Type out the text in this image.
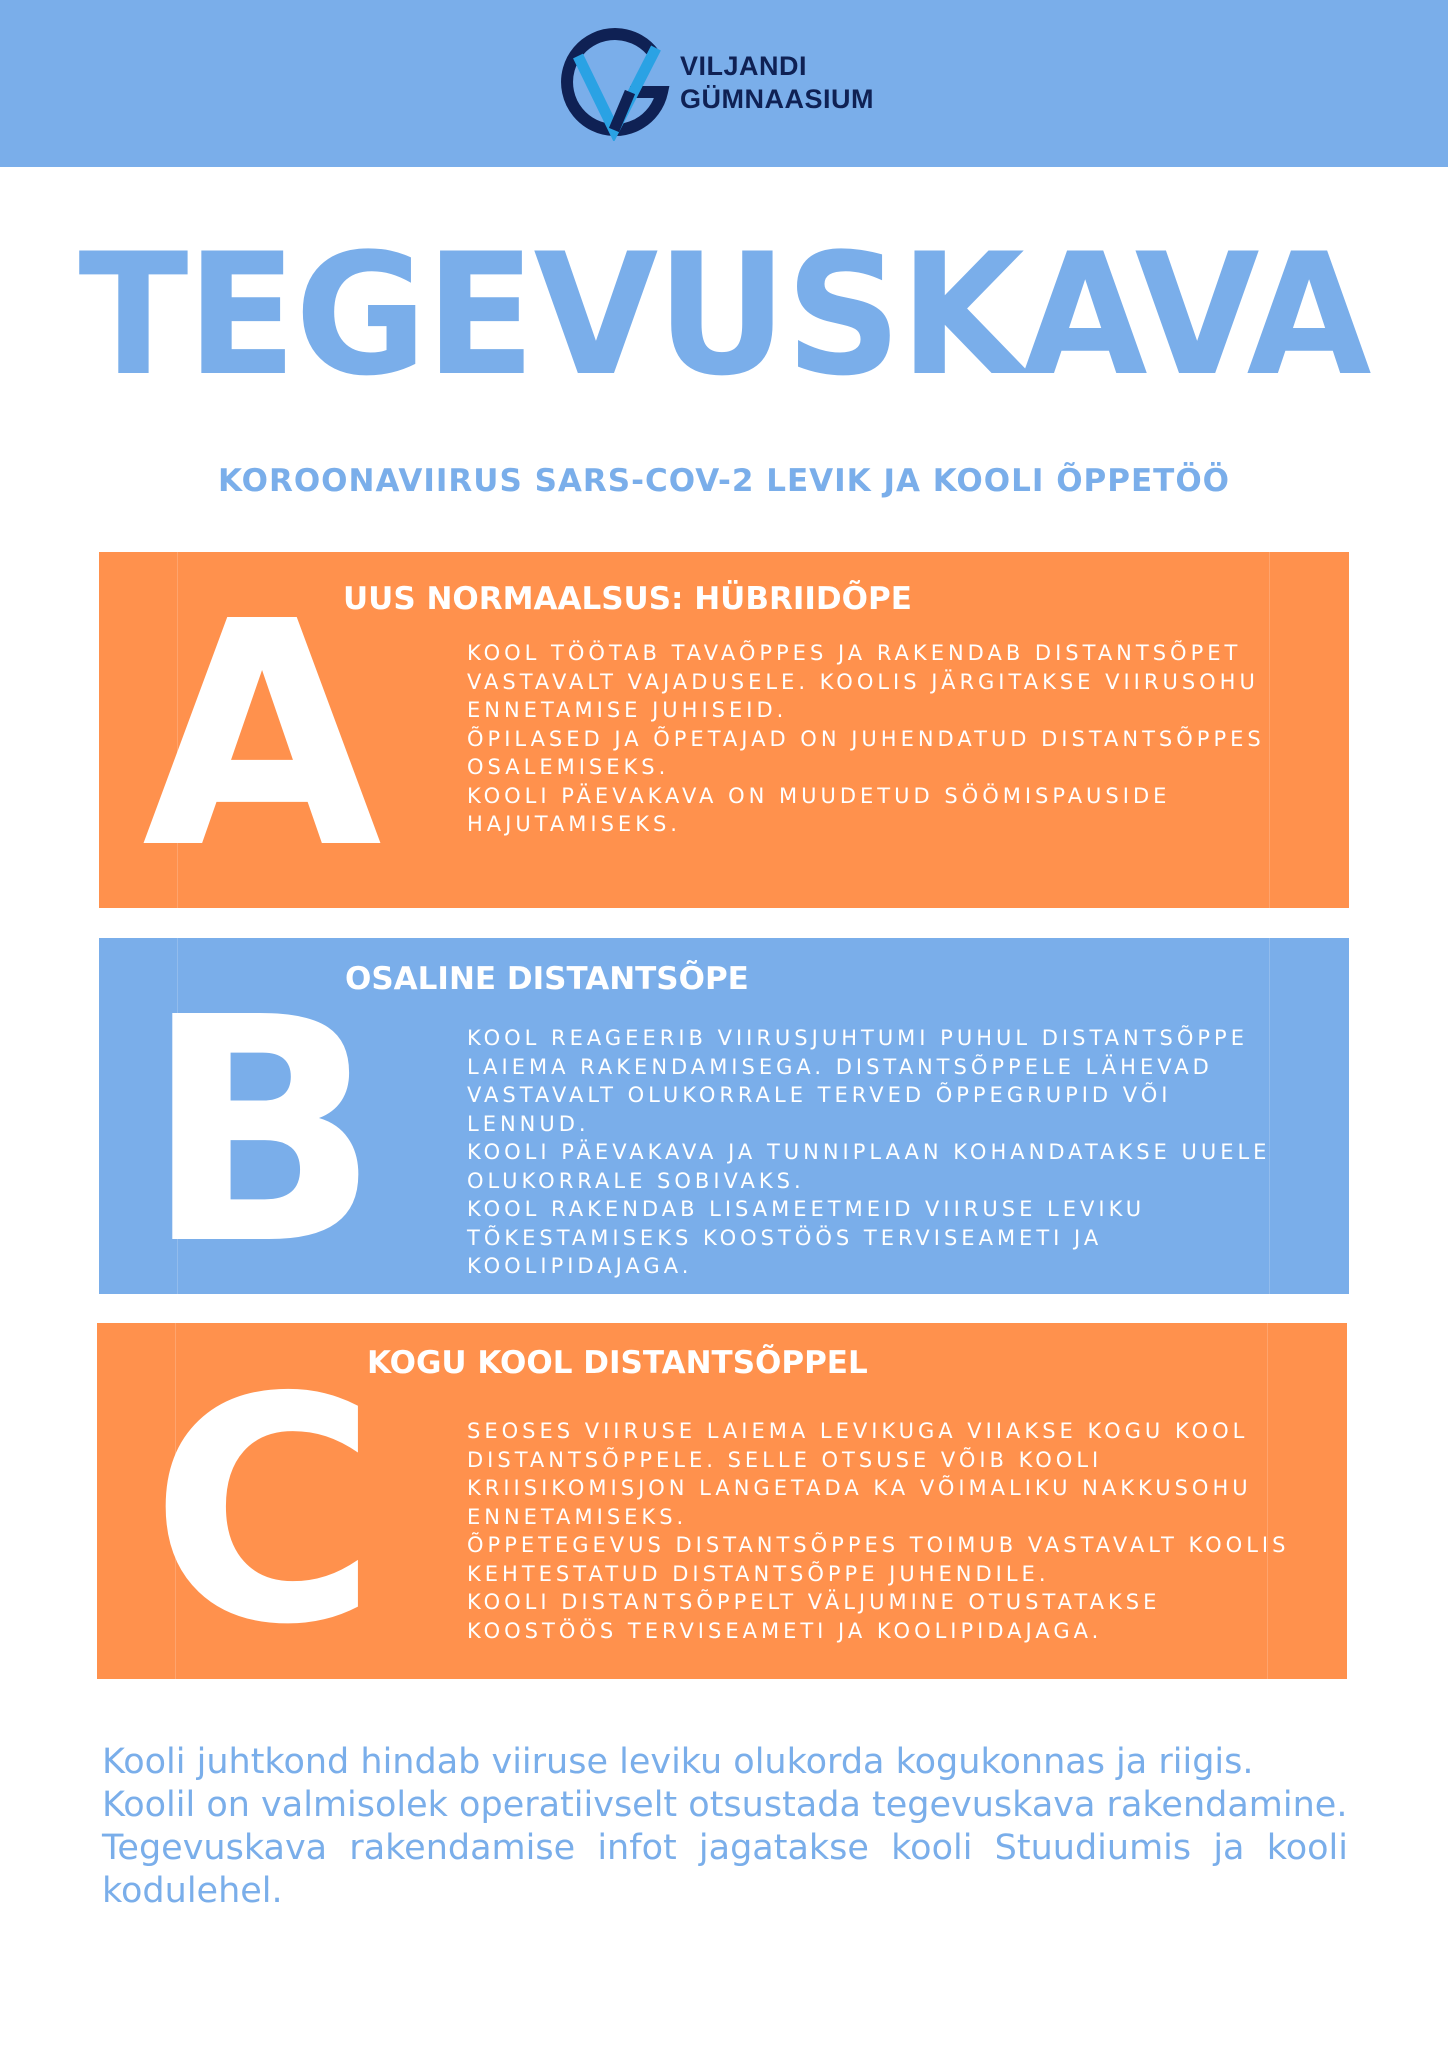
VILJANDI
GÜMNAASIUM
TEGEVUSKAVA
KOROONAVIIRUS SARS-COV-2 LEVIK JA KOOLI ÕPPETÖÖ
A
UUS NORMAALSUS: HÜBRIIDÕPE
KOOL TÖÖTAB TAVAÕPPES JA RAKENDAB DISTANTSÕPET
VASTAVALT VAJADUSELE. KOOLIS JÄRGITAKSE VIIRUSOHU
ENNETAMISE JUHISEID.
ÕPILASED JA ÕPETAJAD ON JUHENDATUD DISTANTSÕPPES
OSALEMISEKS.
KOOLI PÄEVAKAVA ON MUUDETUD SÖÖMISPAUSIDE
HAJUTAMISEKS.
B
OSALINE DISTANTSÕPE
KOOL REAGEERIB VIIRUSJUHTUMI PUHUL DISTANTSÕPPE
LAIEMA RAKENDAMISEGA. DISTANTSÕPPELE LÄHEVAD
VASTAVALT OLUKORRALE TERVED ÕPPEGRUPID VÕI
LENNUD.
KOOLI PÄEVAKAVA JA TUNNIPLAAN KOHANDATAKSE UUELE
OLUKORRALE SOBIVAKS.
KOOL RAKENDAB LISAMEETMEID VIIRUSE LEVIKU
TÕKESTAMISEKS KOOSTÖÖS TERVISEAMETI JA
KOOLIPIDAJAGA.
C
KOGU KOOL DISTANTSÕPPEL
SEOSES VIIRUSE LAIEMA LEVIKUGA VIIAKSE KOGU KOOL
DISTANTSÕPPELE. SELLE OTSUSE VÕIB KOOLI
KRIISIKOMISJON LANGETADA KA VÕIMALIKU NAKKUSOHU
ENNETAMISEKS.
ÕPPETEGEVUS DISTANTSÕPPES TOIMUB VASTAVALT KOOLIS
KEHTESTATUD DISTANTSÕPPE JUHENDILE.
KOOLI DISTANTSÕPPELT VÄLJUMINE OTUSTATAKSE
KOOSTÖÖS TERVISEAMETI JA KOOLIPIDAJAGA.

Kooli juhtkond hindab viiruse leviku olukorda kogukonnas ja riigis.

Koolil on valmisolek operatiivselt otsustada tegevuskava rakendamine.

Tegevuskava rakendamise infot jagatakse kooli Stuudiumis ja kooli kodulehel.
